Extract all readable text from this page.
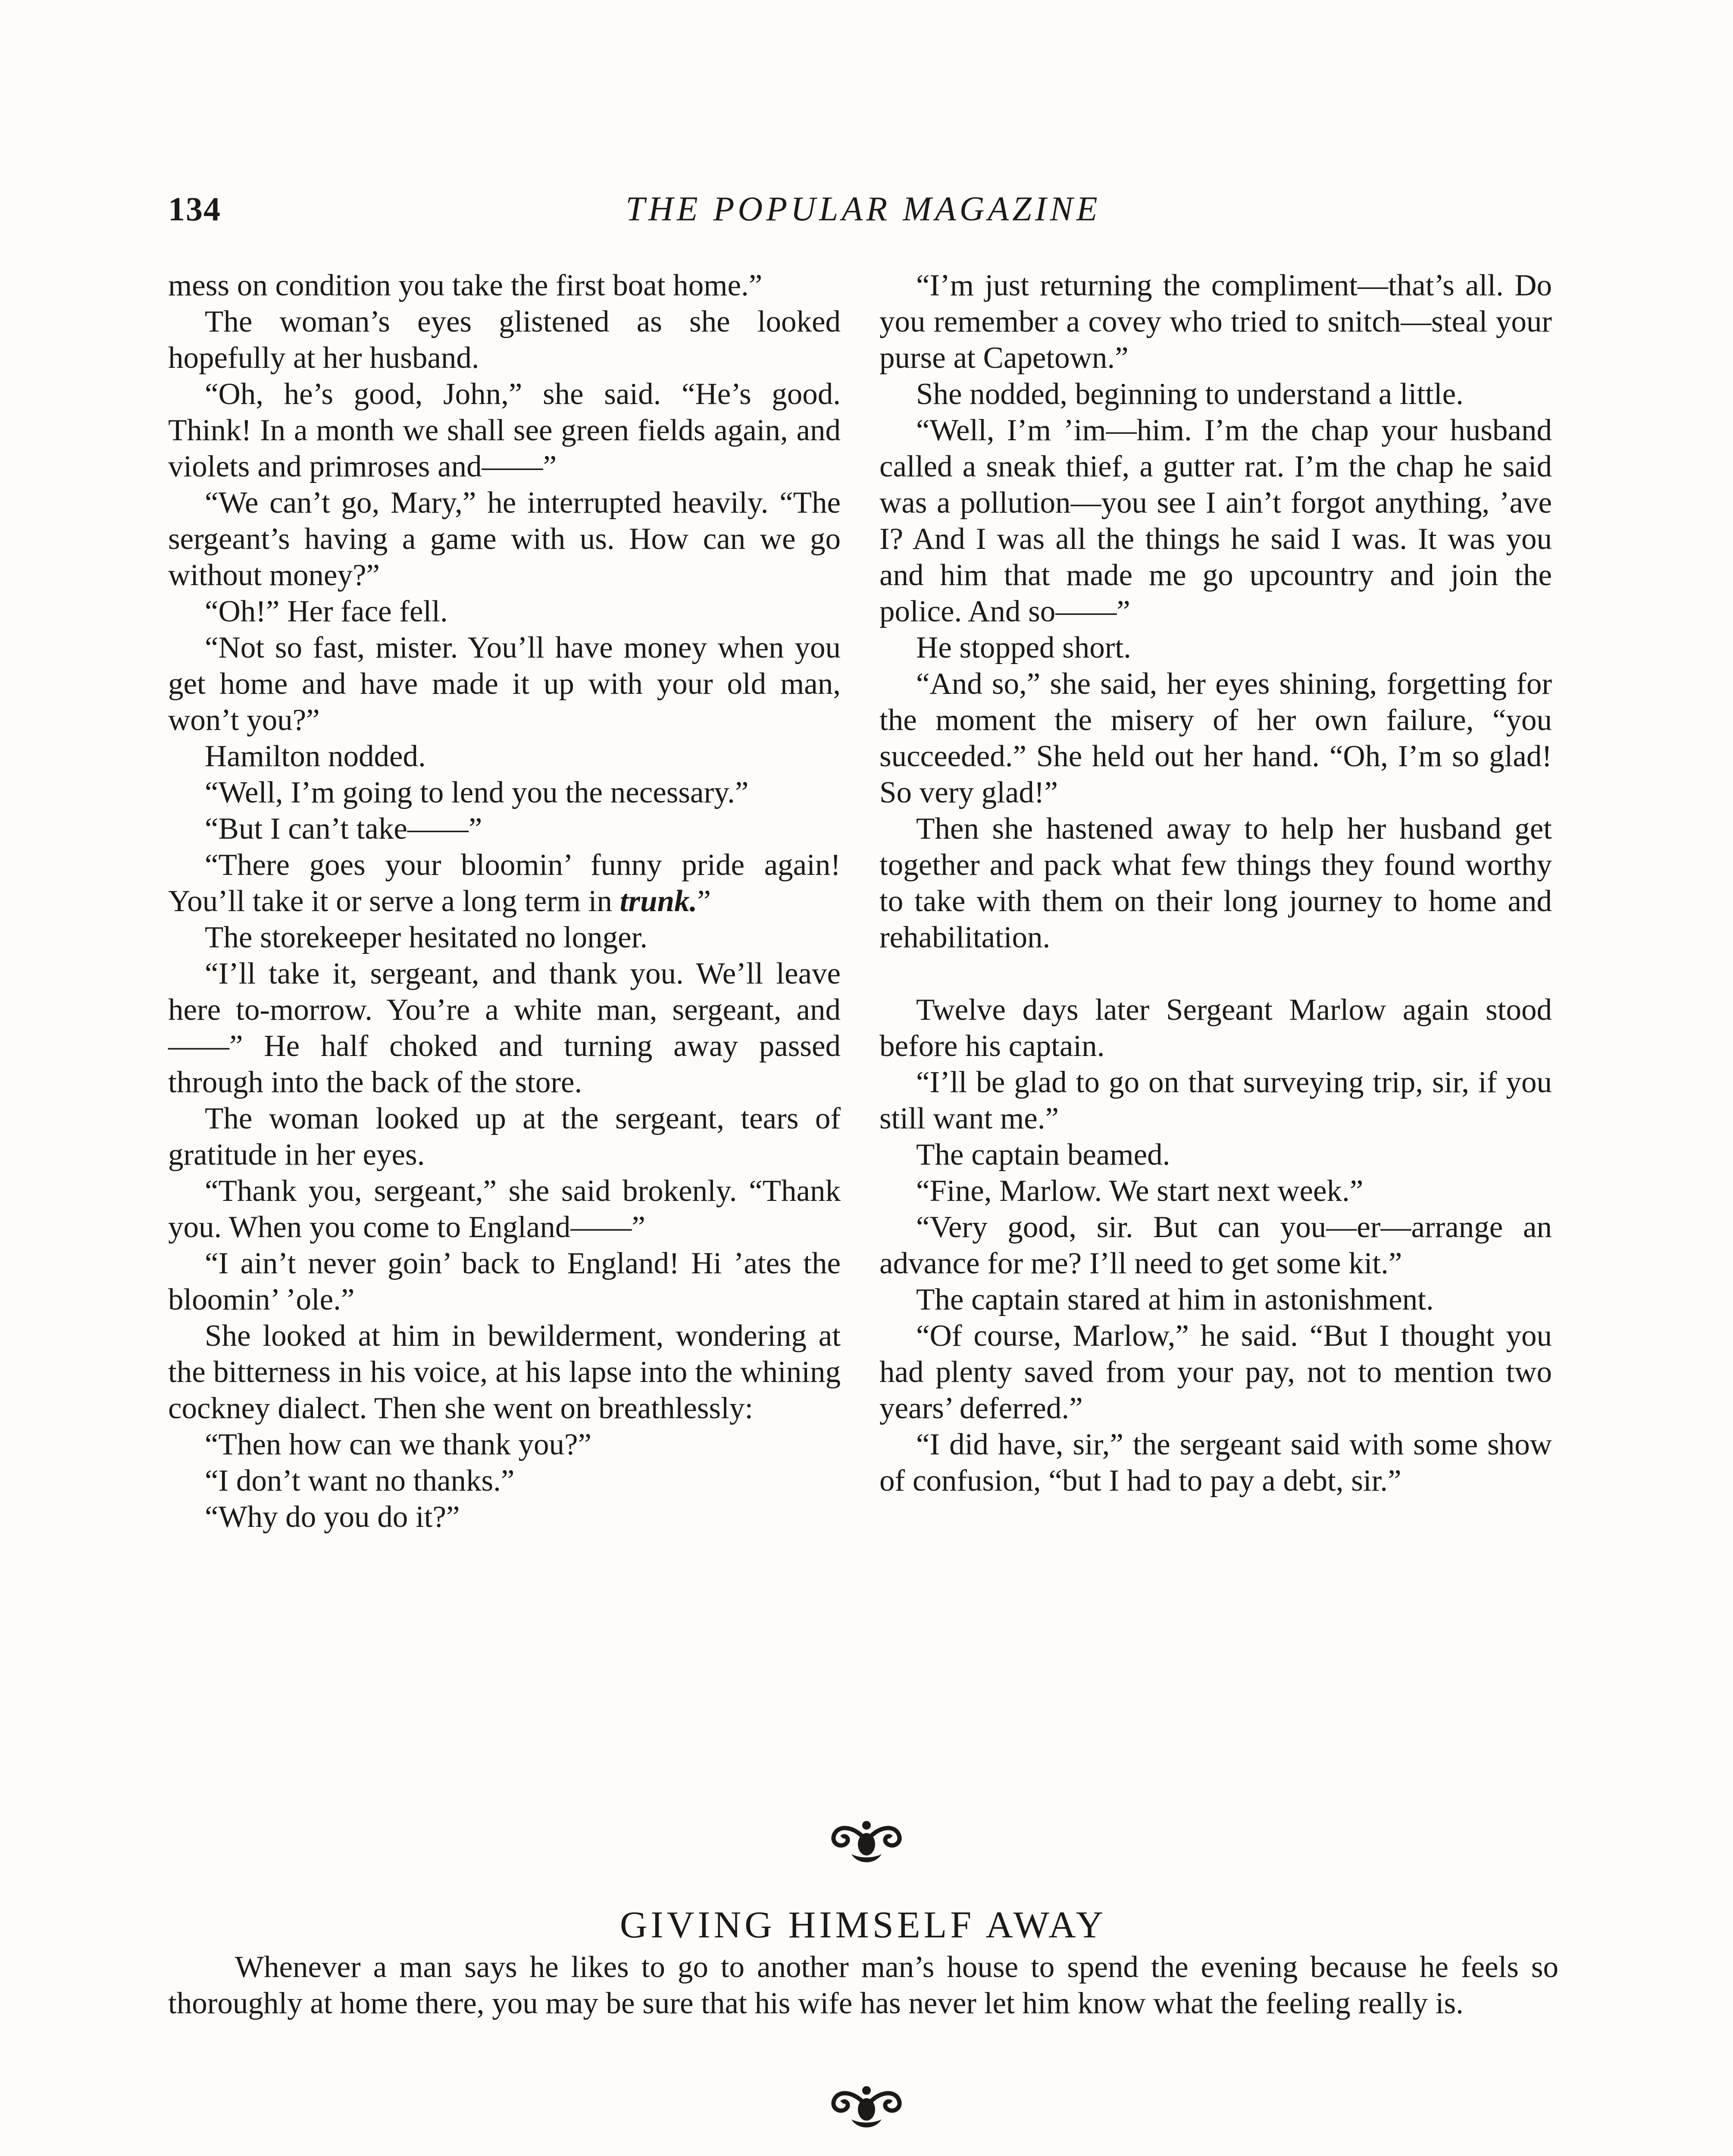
134	THE POPULAR MAGAZINE

mess on condition you take the first boat home.”

The woman’s eyes glistened as she looked hopefully at her husband.

“Oh, he’s good, John,” she said. “He’s good. Think! In a month we shall see green fields again, and violets and primroses and——”

“We can’t go, Mary,” he interrupted heavily. “The sergeant’s having a game with us. How can we go without money?”

“Oh!” Her face fell.

“Not so fast, mister. You’ll have money when you get home and have made it up with your old man, won’t you?”

Hamilton nodded.

“Well, I’m going to lend you the necessary.”

“But I can’t take——”

“There goes your bloomin’ funny pride again! You’ll take it or serve a long term in trunk.”

The storekeeper hesitated no longer.

“I’ll take it, sergeant, and thank you. We’ll leave here to-morrow. You’re a white man, sergeant, and——” He half choked and turning away passed through into the back of the store.

The woman looked up at the sergeant, tears of gratitude in her eyes.

“Thank you, sergeant,” she said brokenly. “Thank you. When you come to England——”

“I ain’t never goin’ back to England! Hi ’ates the bloomin’ ’ole.”

She looked at him in bewilderment, wondering at the bitterness in his voice, at his lapse into the whining cockney dialect. Then she went on breathlessly:

“Then how can we thank you?”

“I don’t want no thanks.”

“Why do you do it?”

“I’m just returning the compliment—that’s all. Do you remember a covey who tried to snitch—steal your purse at Capetown.”

She nodded, beginning to understand a little.

“Well, I’m ’im—him. I’m the chap your husband called a sneak thief, a gutter rat. I’m the chap he said was a pollution—you see I ain’t forgot anything, ’ave I? And I was all the things he said I was. It was you and him that made me go upcountry and join the police. And so——”

He stopped short.

“And so,” she said, her eyes shining, forgetting for the moment the misery of her own failure, “you succeeded.” She held out her hand. “Oh, I’m so glad! So very glad!”

Then she hastened away to help her husband get together and pack what few things they found worthy to take with them on their long journey to home and rehabilitation.

Twelve days later Sergeant Marlow again stood before his captain.

“I’ll be glad to go on that surveying trip, sir, if you still want me.”

The captain beamed.

“Fine, Marlow. We start next week.”

“Very good, sir. But can you—er—arrange an advance for me? I’ll need to get some kit.”

The captain stared at him in astonishment.

“Of course, Marlow,” he said. “But I thought you had plenty saved from your pay, not to mention two years’ deferred.”

“I did have, sir,” the sergeant said with some show of confusion, “but I had to pay a debt, sir.”

GIVING HIMSELF AWAY

Whenever a man says he likes to go to another man’s house to spend the evening because he feels so thoroughly at home there, you may be sure that his wife has never let him know what the feeling really is.
